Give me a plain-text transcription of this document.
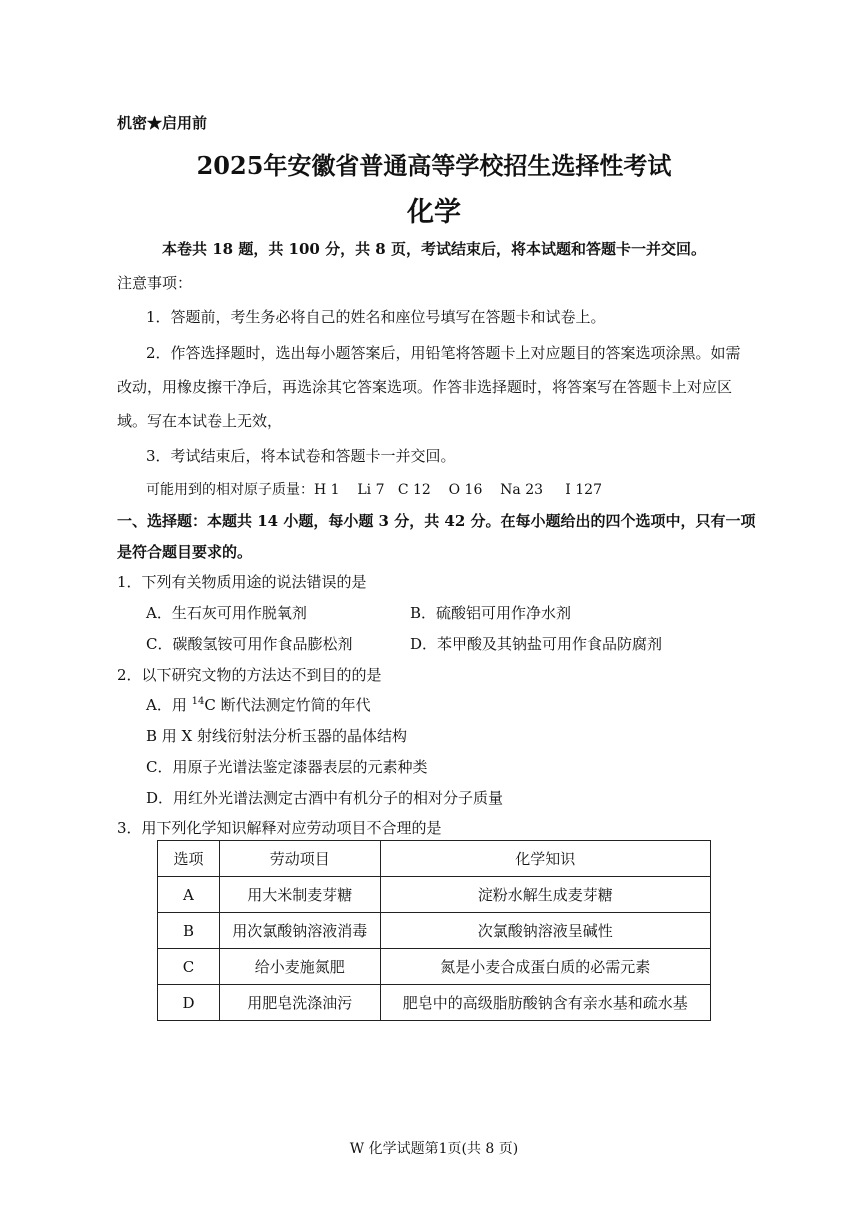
机密★启用前
2025年安徽省普通高等学校招生选择性考试
化学
本卷共 18 题，共 100 分，共 8 页，考试结束后，将本试题和答题卡一并交回。
注意事项：
1．答题前，考生务必将自己的姓名和座位号填写在答题卡和试卷上。
2．作答选择题时，选出每小题答案后，用铅笔将答题卡上对应题目的答案选项涂黑。如需
改动，用橡皮擦干净后，再选涂其它答案选项。作答非选择题时，将答案写在答题卡上对应区
域。写在本试卷上无效，
3．考试结束后，将本试卷和答题卡一并交回。
可能用到的相对原子质量：H 1    Li 7   C 12    O 16    Na 23     I 127
一、选择题：本题共 14 小题，每小题 3 分，共 42 分。在每小题给出的四个选项中，只有一项
是符合题目要求的。
1．下列有关物质用途的说法错误的是
A．生石灰可用作脱氧剂	B．硫酸铝可用作净水剂
C．碳酸氢铵可用作食品膨松剂	D．苯甲酸及其钠盐可用作食品防腐剂
2．以下研究文物的方法达不到目的的是
A．用 $^{14}$C 断代法测定竹简的年代
B 用 X 射线衍射法分析玉器的晶体结构
C．用原子光谱法鉴定漆器表层的元素种类
D．用红外光谱法测定古酒中有机分子的相对分子质量
3．用下列化学知识解释对应劳动项目不合理的是
选项	劳动项目	化学知识
A	用大米制麦芽糖	淀粉水解生成麦芽糖
B	用次氯酸钠溶液消毒	次氯酸钠溶液呈碱性
C	给小麦施氮肥	氮是小麦合成蛋白质的必需元素
D	用肥皂洗涤油污	肥皂中的高级脂肪酸钠含有亲水基和疏水基
W 化学试题第1页(共 8 页)
